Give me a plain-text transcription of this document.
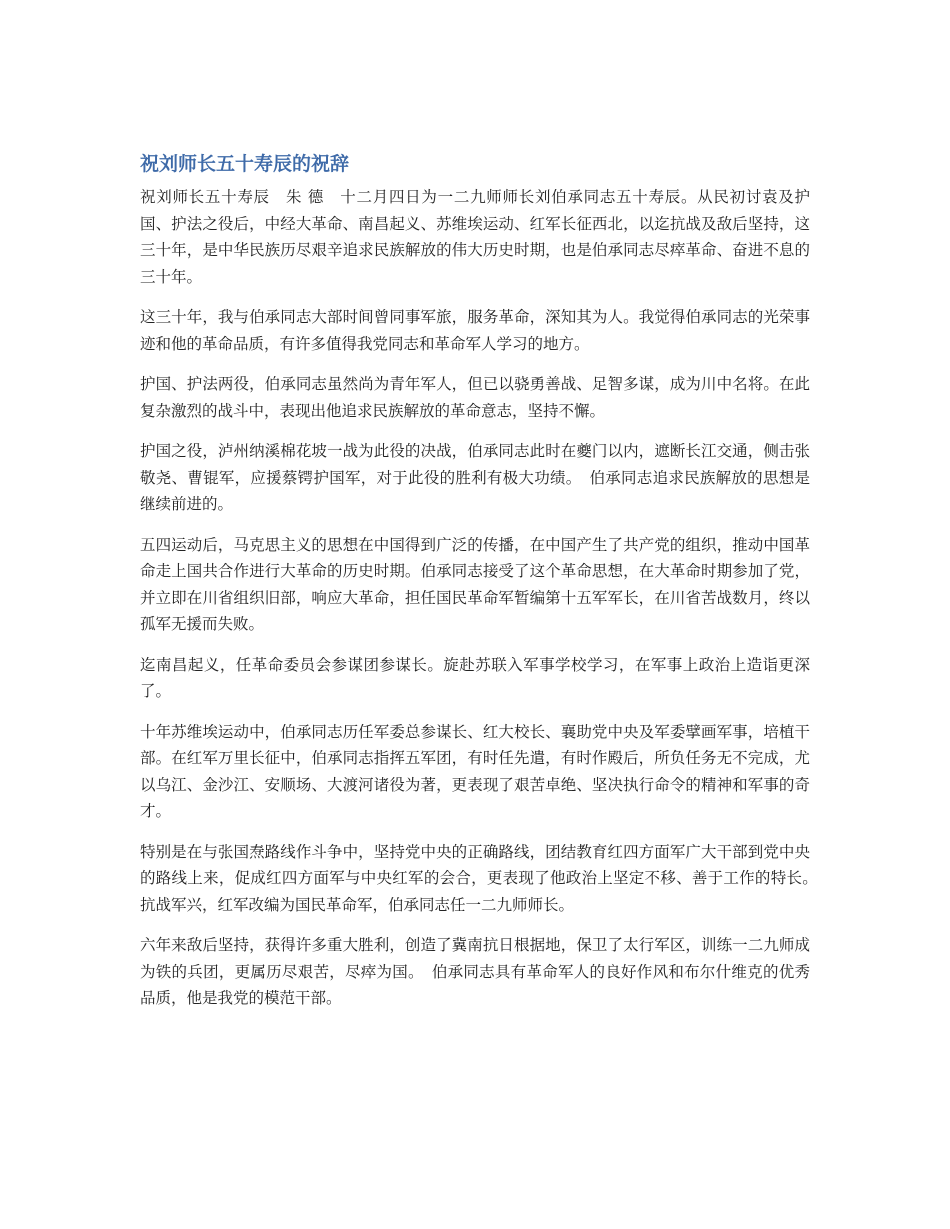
祝刘师长五十寿辰的祝辞

祝刘师长五十寿辰　朱 德　十二月四日为一二九师师长刘伯承同志五十寿辰。从民初讨袁及护国、护法之役后，中经大革命、南昌起义、苏维埃运动、红军长征西北，以迄抗战及敌后坚持，这三十年，是中华民族历尽艰辛追求民族解放的伟大历史时期，也是伯承同志尽瘁革命、奋进不息的三十年。

这三十年，我与伯承同志大部时间曾同事军旅，服务革命，深知其为人。我觉得伯承同志的光荣事迹和他的革命品质，有许多值得我党同志和革命军人学习的地方。

护国、护法两役，伯承同志虽然尚为青年军人，但已以骁勇善战、足智多谋，成为川中名将。在此复杂激烈的战斗中，表现出他追求民族解放的革命意志，坚持不懈。

护国之役，泸州纳溪棉花坡一战为此役的决战，伯承同志此时在夔门以内，遮断长江交通，侧击张敬尧、曹锟军，应援蔡锷护国军，对于此役的胜利有极大功绩。　伯承同志追求民族解放的思想是继续前进的。

五四运动后，马克思主义的思想在中国得到广泛的传播，在中国产生了共产党的组织，推动中国革命走上国共合作进行大革命的历史时期。伯承同志接受了这个革命思想，在大革命时期参加了党，并立即在川省组织旧部，响应大革命，担任国民革命军暂编第十五军军长，在川省苦战数月，终以孤军无援而失败。

迄南昌起义，任革命委员会参谋团参谋长。旋赴苏联入军事学校学习，在军事上政治上造诣更深了。

十年苏维埃运动中，伯承同志历任军委总参谋长、红大校长、襄助党中央及军委擘画军事，培植干部。在红军万里长征中，伯承同志指挥五军团，有时任先遣，有时作殿后，所负任务无不完成，尤以乌江、金沙江、安顺场、大渡河诸役为著，更表现了艰苦卓绝、坚决执行命令的精神和军事的奇才。

特别是在与张国焘路线作斗争中，坚持党中央的正确路线，团结教育红四方面军广大干部到党中央的路线上来，促成红四方面军与中央红军的会合，更表现了他政治上坚定不移、善于工作的特长。　抗战军兴，红军改编为国民革命军，伯承同志任一二九师师长。

六年来敌后坚持，获得许多重大胜利，创造了冀南抗日根据地，保卫了太行军区，训练一二九师成为铁的兵团，更属历尽艰苦，尽瘁为国。　伯承同志具有革命军人的良好作风和布尔什维克的优秀品质，他是我党的模范干部。
